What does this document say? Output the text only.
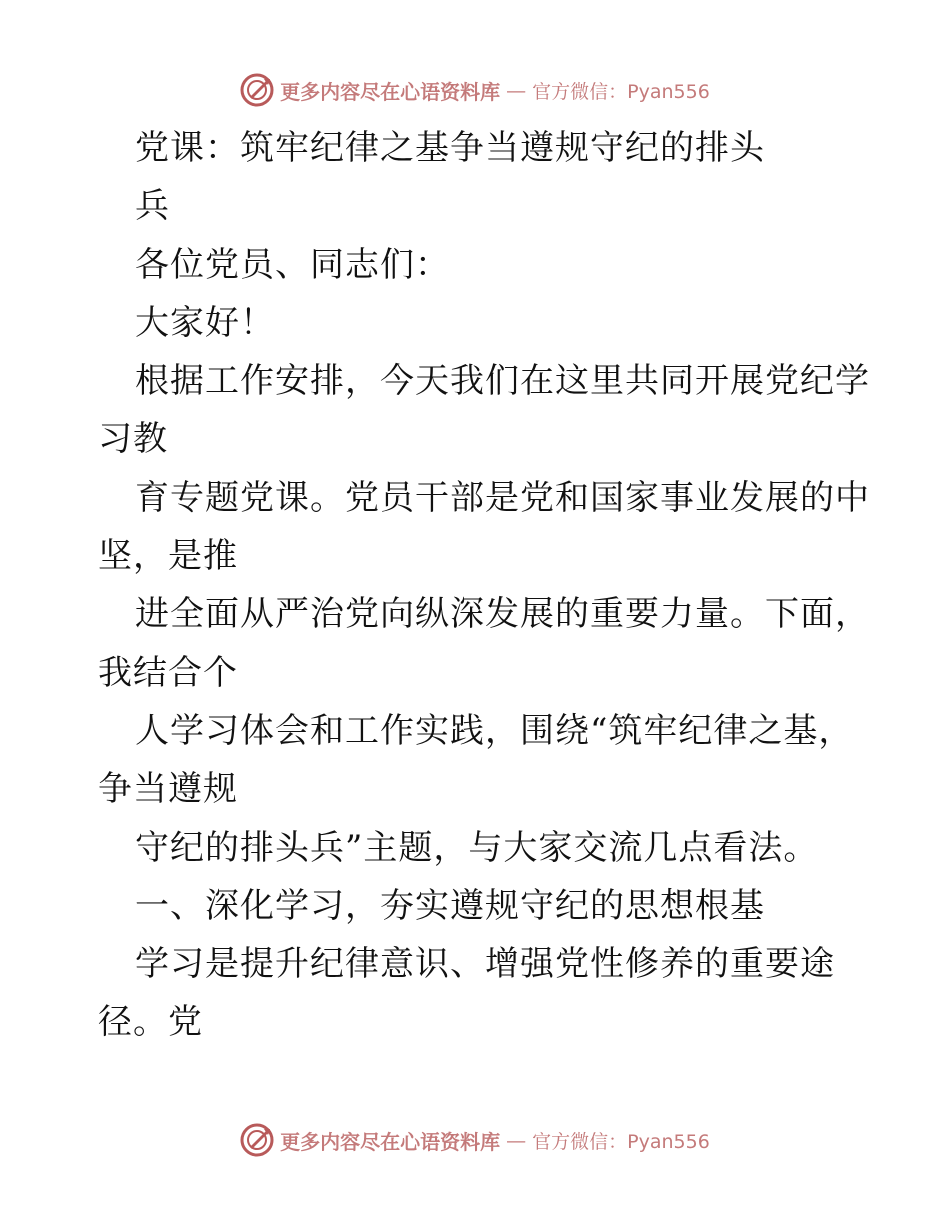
更多内容尽在心语资料库 — 官方微信：Pyan556
党课：筑牢纪律之基争当遵规守纪的排头
兵
各位党员、同志们：
大家好！
根据工作安排，今天我们在这里共同开展党纪学
习教
育专题党课。党员干部是党和国家事业发展的中
坚，是推
进全面从严治党向纵深发展的重要力量。下面，
我结合个
人学习体会和工作实践，围绕“筑牢纪律之基，
争当遵规
守纪的排头兵”主题，与大家交流几点看法。
一、深化学习，夯实遵规守纪的思想根基
学习是提升纪律意识、增强党性修养的重要途
径。党
更多内容尽在心语资料库 — 官方微信：Pyan556
